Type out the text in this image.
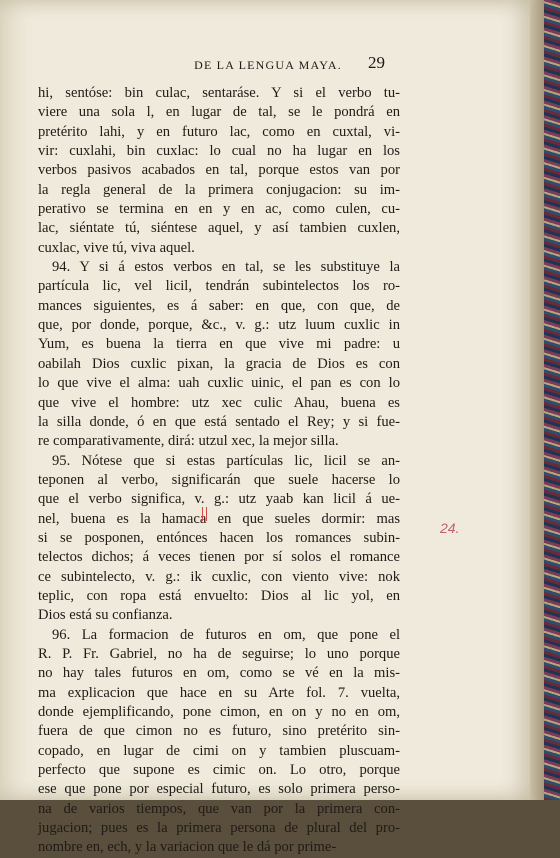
DE LA LENGUA MAYA.	29
hi, sentóse: bin culac, sentaráse. Y si el verbo tu-
viere una sola l, en lugar de tal, se le pondrá en
pretérito lahi, y en futuro lac, como en cuxtal, vi-
vir: cuxlahi, bin cuxlac: lo cual no ha lugar en los
verbos pasivos acabados en tal, porque estos van por
la regla general de la primera conjugacion: su im-
perativo se termina en en y en ac, como culen, cu-
lac, siéntate tú, siéntese aquel, y así tambien cuxlen,
cuxlac, vive tú, viva aquel.
94. Y si á estos verbos en tal, se les substituye la
partícula lic, vel licil, tendrán subintelectos los ro-
mances siguientes, es á saber: en que, con que, de
que, por donde, porque, &c., v. g.: utz luum cuxlic in
Yum, es buena la tierra en que vive mi padre: u
oabilah Dios cuxlic pixan, la gracia de Dios es con
lo que vive el alma: uah cuxlic uinic, el pan es con lo
que vive el hombre: utz xec culic Ahau, buena es
la silla donde, ó en que está sentado el Rey; y si fue-
re comparativamente, dirá: utzul xec, la mejor silla.
95. Nótese que si estas partículas lic, licil se an-
teponen al verbo, significarán que suele hacerse lo
que el verbo significa, v. g.: utz yaab kan licil á ue-
nel, buena es la hamaca en que sueles dormir: mas
si se posponen, entónces hacen los romances subin-
telectos dichos; á veces tienen por sí solos el romance
ce subintelecto, v. g.: ik cuxlic, con viento vive: nok
teplic, con ropa está envuelto: Dios al lic yol, en
Dios está su confianza.
96. La formacion de futuros en om, que pone el
R. P. Fr. Gabriel, no ha de seguirse; lo uno porque
no hay tales futuros en om, como se vé en la mis-
ma explicacion que hace en su Arte fol. 7. vuelta,
donde ejemplificando, pone cimon, en on y no en om,
fuera de que cimon no es futuro, sino pretérito sin-
copado, en lugar de cimi on y tambien pluscuam-
perfecto que supone es cimic on. Lo otro, porque
ese que pone por especial futuro, es solo primera perso-
na de varios tiempos, que van por la primera con-
jugacion; pues es la primera persona de plural del pro-
nombre en, ech, y la variacion que le dá por prime-
24.
